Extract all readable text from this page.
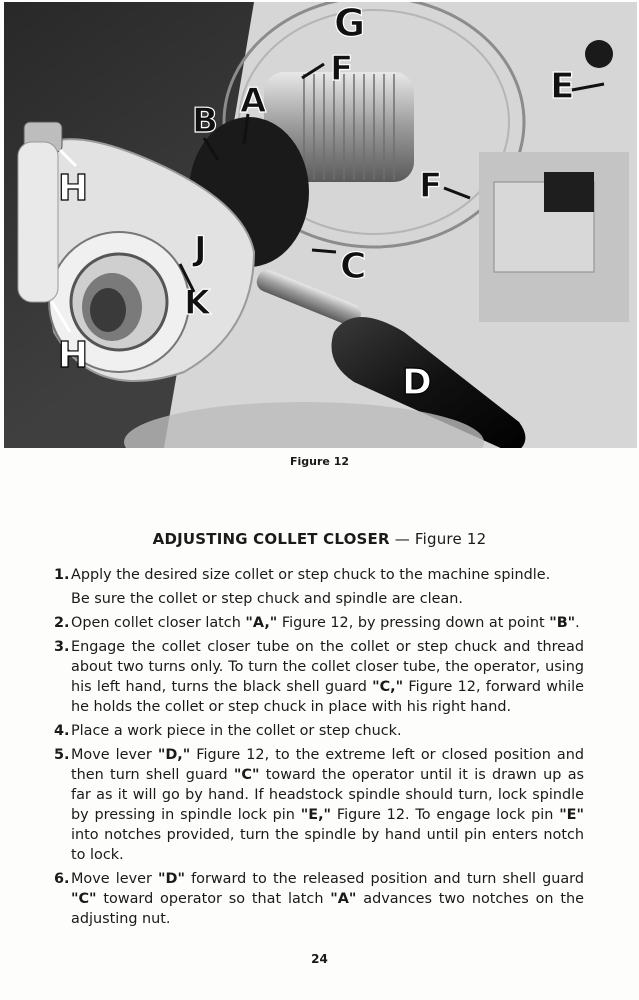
G
F	E
A
B
F
H
J	C
K
H
D
Figure 12
ADJUSTING COLLET CLOSER — Figure 12
1. Apply the desired size collet or step chuck to the machine spindle.
Be sure the collet or step chuck and spindle are clean.
2. Open collet closer latch "A," Figure 12, by pressing down at point "B".
3. Engage the collet closer tube on the collet or step chuck and thread about two turns only. To turn the collet closer tube, the operator, using his left hand, turns the black shell guard "C," Figure 12, forward while he holds the collet or step chuck in place with his right hand.
4. Place a work piece in the collet or step chuck.
5. Move lever "D," Figure 12, to the extreme left or closed position and then turn shell guard "C" toward the operator until it is drawn up as far as it will go by hand. If headstock spindle should turn, lock spindle by pressing in spindle lock pin "E," Figure 12. To engage lock pin "E" into notches provided, turn the spindle by hand until pin enters notch to lock.
6. Move lever "D" forward to the released position and turn shell guard "C" toward operator so that latch "A" advances two notches on the adjusting nut.
24
